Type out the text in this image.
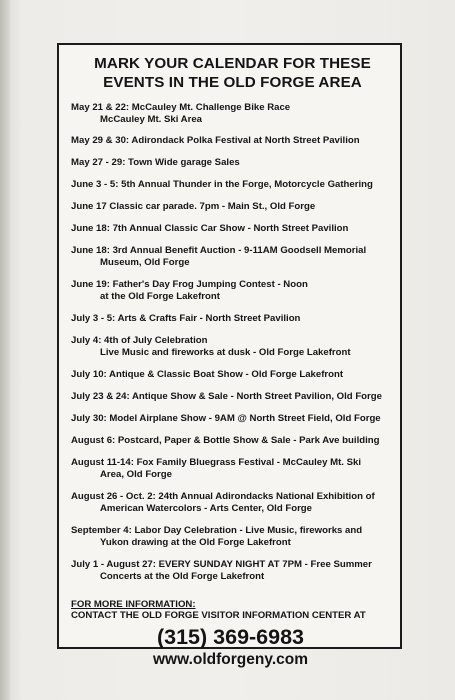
MARK YOUR CALENDAR FOR THESE
EVENTS IN THE OLD FORGE AREA
May 21 & 22: McCauley Mt. Challenge Bike Race
McCauley Mt. Ski Area
May 29 & 30: Adirondack Polka Festival at North Street Pavilion
May 27 - 29: Town Wide garage Sales
June 3 - 5: 5th Annual Thunder in the Forge, Motorcycle Gathering
June 17 Classic car parade. 7pm - Main St., Old Forge
June 18: 7th Annual Classic Car Show - North Street Pavilion
June 18: 3rd Annual Benefit Auction - 9-11AM Goodsell Memorial
Museum, Old Forge
June 19: Father's Day Frog Jumping Contest - Noon
at the Old Forge Lakefront
July 3 - 5: Arts & Crafts Fair - North Street Pavilion
July 4: 4th of July Celebration
Live Music and fireworks at dusk - Old Forge Lakefront
July 10: Antique & Classic Boat Show - Old Forge Lakefront
July 23 & 24: Antique Show & Sale - North Street Pavilion, Old Forge
July 30: Model Airplane Show - 9AM @ North Street Field, Old Forge
August 6: Postcard, Paper & Bottle Show & Sale - Park Ave building
August 11-14: Fox Family Bluegrass Festival - McCauley Mt. Ski
Area, Old Forge
August 26 - Oct. 2: 24th Annual Adirondacks National Exhibition of
American Watercolors - Arts Center, Old Forge
September 4: Labor Day Celebration - Live Music, fireworks and
Yukon drawing at the Old Forge Lakefront
July 1 - August 27: EVERY SUNDAY NIGHT AT 7PM - Free Summer
Concerts at the Old Forge Lakefront
FOR MORE INFORMATION:
CONTACT THE OLD FORGE VISITOR INFORMATION CENTER AT
(315) 369-6983
www.oldforgeny.com
